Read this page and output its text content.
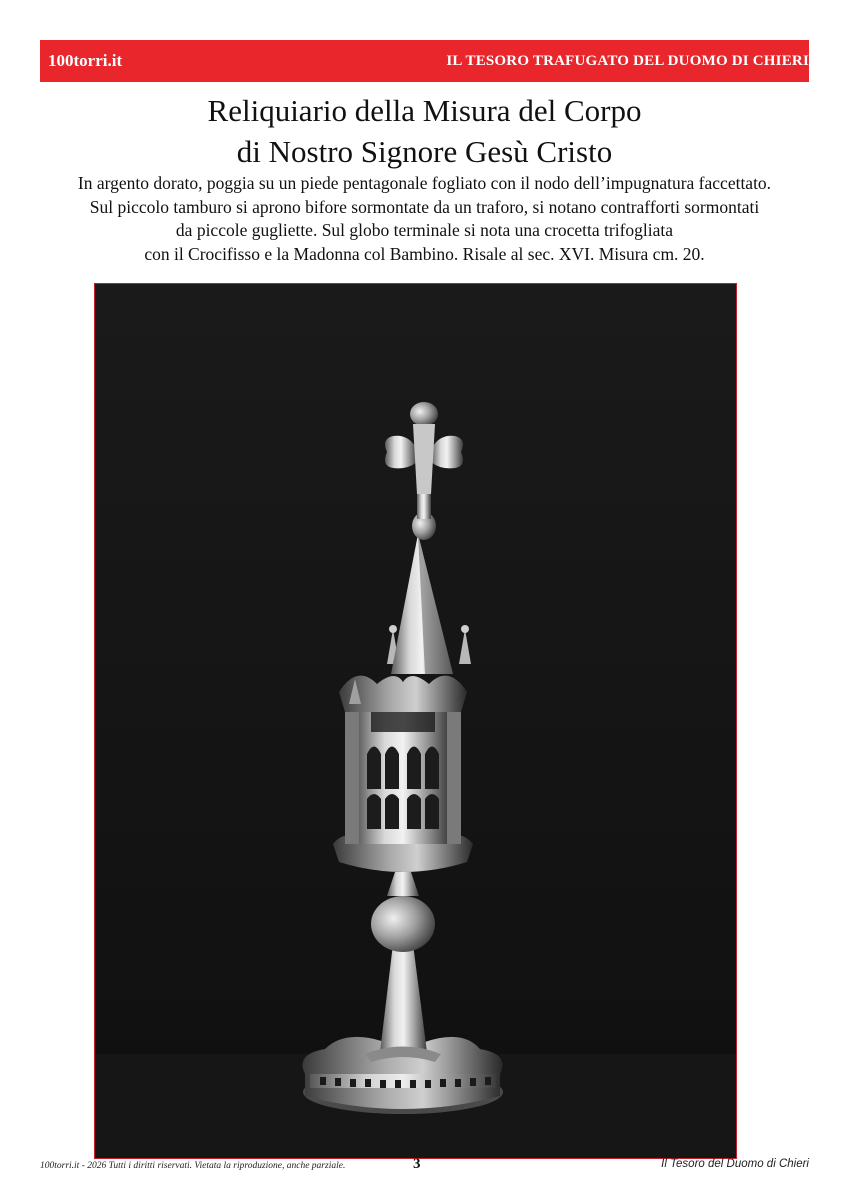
100torri.it	IL TESORO TRAFUGATO DEL DUOMO DI CHIERI
Reliquiario della Misura del Corpo
di Nostro Signore Gesù Cristo
In argento dorato, poggia su un piede pentagonale fogliato con il nodo dell’impugnatura faccettato.
Sul piccolo tamburo si aprono bifore sormontate da un traforo, si notano contrafforti sormontati
da piccole gugliette. Sul globo terminale si nota una crocetta trifogliata
con il Crocifisso e la Madonna col Bambino. Risale al sec. XVI. Misura cm. 20.
100torri.it - 2026 Tutti i diritti riservati. Vietata la riproduzione, anche parziale.	3	Il Tesoro del Duomo di Chieri
